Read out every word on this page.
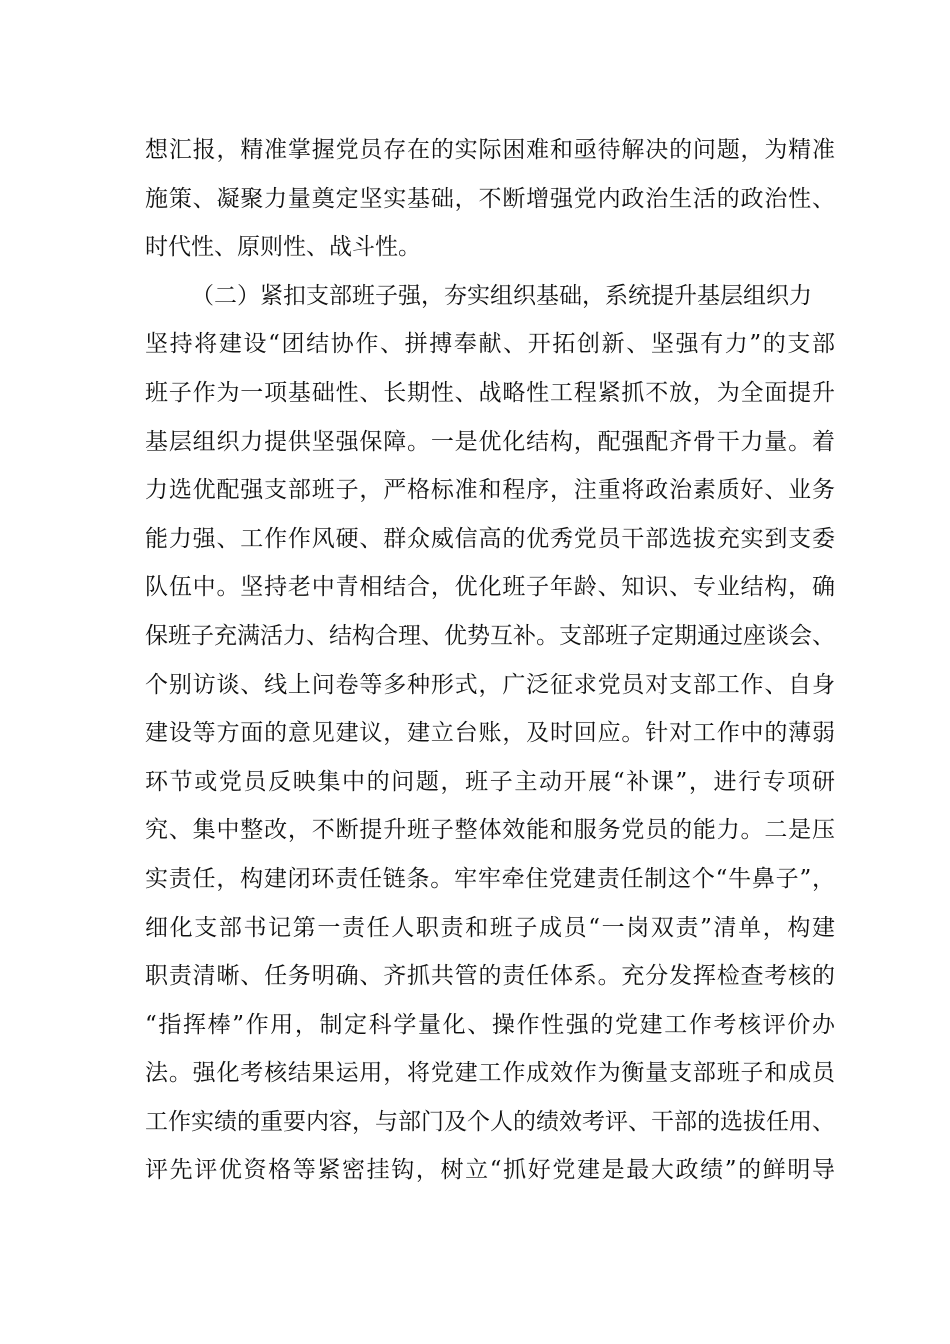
想汇报，精准掌握党员存在的实际困难和亟待解决的问题，为精准
施策、凝聚力量奠定坚实基础，不断增强党内政治生活的政治性、
时代性、原则性、战斗性。
（二）紧扣支部班子强，夯实组织基础，系统提升基层组织力
坚持将建设“团结协作、拼搏奉献、开拓创新、坚强有力”的支部
班子作为一项基础性、长期性、战略性工程紧抓不放，为全面提升
基层组织力提供坚强保障。一是优化结构，配强配齐骨干力量。着
力选优配强支部班子，严格标准和程序，注重将政治素质好、业务
能力强、工作作风硬、群众威信高的优秀党员干部选拔充实到支委
队伍中。坚持老中青相结合，优化班子年龄、知识、专业结构，确
保班子充满活力、结构合理、优势互补。支部班子定期通过座谈会、
个别访谈、线上问卷等多种形式，广泛征求党员对支部工作、自身
建设等方面的意见建议，建立台账，及时回应。针对工作中的薄弱
环节或党员反映集中的问题，班子主动开展“补课”，进行专项研
究、集中整改，不断提升班子整体效能和服务党员的能力。二是压
实责任，构建闭环责任链条。牢牢牵住党建责任制这个“牛鼻子”，
细化支部书记第一责任人职责和班子成员“一岗双责”清单，构建
职责清晰、任务明确、齐抓共管的责任体系。充分发挥检查考核的
“指挥棒”作用，制定科学量化、操作性强的党建工作考核评价办
法。强化考核结果运用，将党建工作成效作为衡量支部班子和成员
工作实绩的重要内容，与部门及个人的绩效考评、干部的选拔任用、
评先评优资格等紧密挂钩，树立“抓好党建是最大政绩”的鲜明导
